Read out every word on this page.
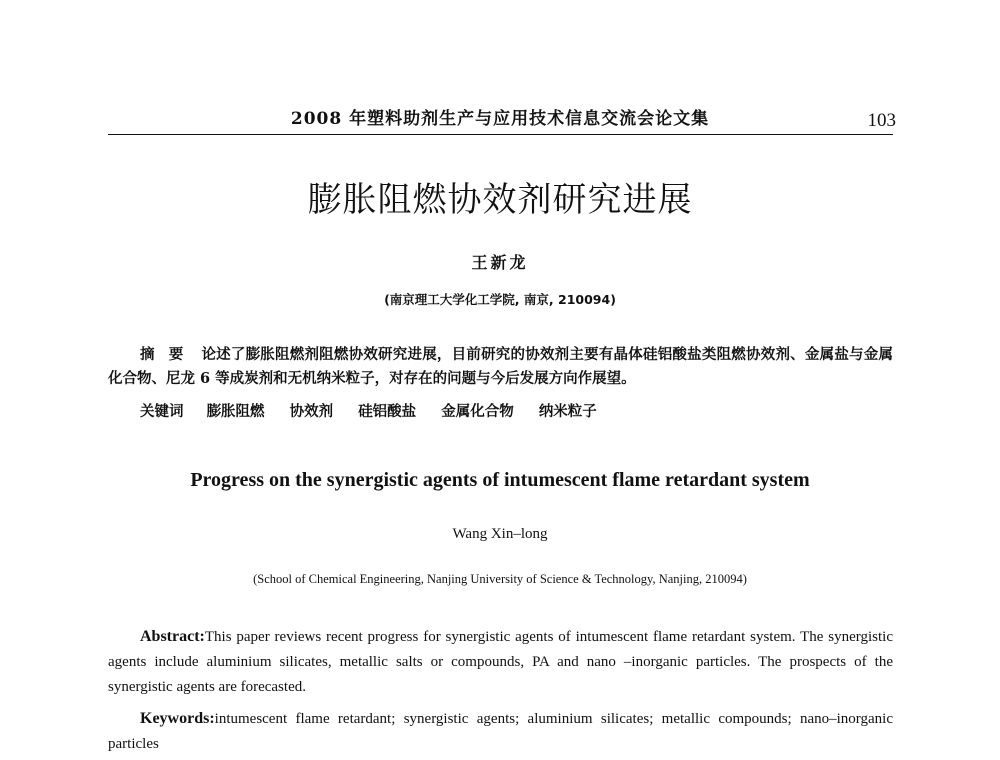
2008 年塑料助剂生产与应用技术信息交流会论文集	103
膨胀阻燃协效剂研究进展
王新龙
(南京理工大学化工学院, 南京, 210094)

摘要 论述了膨胀阻燃剂阻燃协效研究进展，目前研究的协效剂主要有晶体硅铝酸盐类阻燃协效剂、金属盐与金属化合物、尼龙 6 等成炭剂和无机纳米粒子，对存在的问题与今后发展方向作展望。

关键词 膨胀阻燃 协效剂 硅铝酸盐 金属化合物 纳米粒子
Progress on the synergistic agents of intumescent flame retardant system
Wang Xin–long
(School of Chemical Engineering, Nanjing University of Science & Technology, Nanjing, 210094)

Abstract:This paper reviews recent progress for synergistic agents of intumescent flame retardant system. The synergistic agents include aluminium silicates, metallic salts or compounds, PA and nano –inorganic particles. The prospects of the synergistic agents are forecasted.

Keywords:intumescent flame retardant; synergistic agents; aluminium silicates; metallic compounds; nano–inorganic particles
